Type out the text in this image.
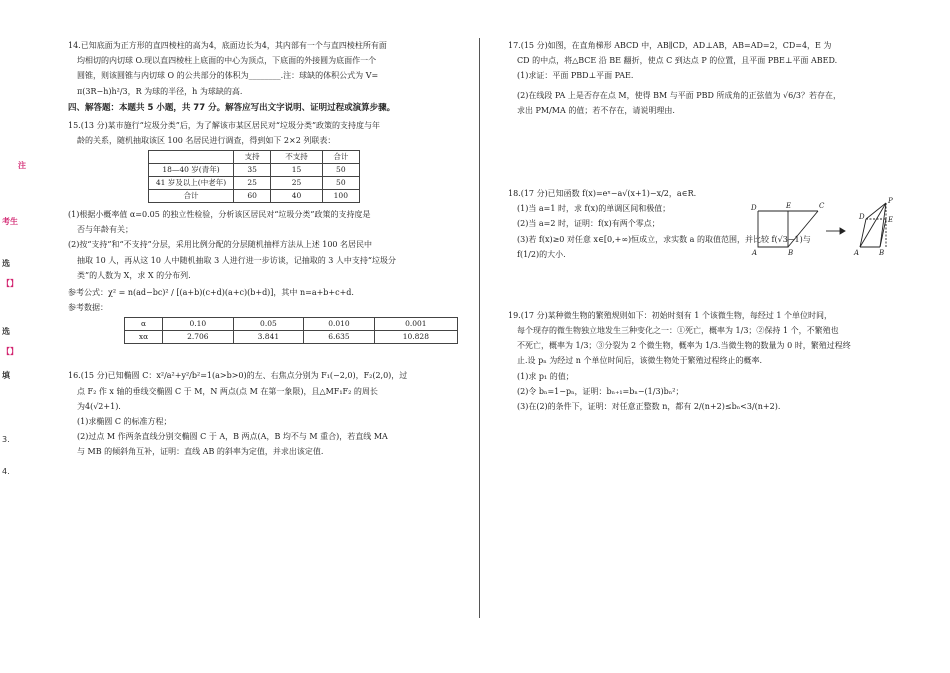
注
考生
选
【】
选
【】
填
3.
4.

14.已知底面为正方形的直四棱柱的高为4，底面边长为4，其内部有一个与直四棱柱所有面

均相切的内切球 O.现以直四棱柱上底面的中心为顶点，下底面的外接圆为底面作一个

圆锥，则该圆锥与内切球 O 的公共部分的体积为________.注：球缺的体积公式为 V=

π(3R−h)h²/3，R 为球的半径，h 为球缺的高.

四、解答题：本题共 5 小题，共 77 分。解答应写出文字说明、证明过程或演算步骤。

15.(13 分)某市施行“垃圾分类”后，为了解该市某区居民对“垃圾分类”政策的支持度与年

龄的关系，随机抽取该区 100 名居民进行调查，得到如下 2×2 列联表：

	支持	不支持	合计
18—40 岁(青年)	35	15	50
41 岁及以上(中老年)	25	25	50
合计	60	40	100

(1)根据小概率值 α=0.05 的独立性检验，分析该区居民对“垃圾分类”政策的支持度是

否与年龄有关；

(2)按“支持”和“不支持”分层，采用比例分配的分层随机抽样方法从上述 100 名居民中

抽取 10 人，再从这 10 人中随机抽取 3 人进行进一步访谈，记抽取的 3 人中支持“垃圾分

类”的人数为 X，求 X 的分布列.

参考公式：χ² = n(ad−bc)² / [(a+b)(c+d)(a+c)(b+d)]，其中 n=a+b+c+d.

参考数据：

α	0.10	0.05	0.010	0.001
xα	2.706	3.841	6.635	10.828

16.(15 分)已知椭圆 C：x²/a²+y²/b²=1(a>b>0)的左、右焦点分别为 F₁(−2,0)，F₂(2,0)，过

点 F₂ 作 x 轴的垂线交椭圆 C 于 M，N 两点(点 M 在第一象限)，且△MF₁F₂ 的周长

为4(√2+1).

(1)求椭圆 C 的标准方程；

(2)过点 M 作两条直线分别交椭圆 C 于 A，B 两点(A，B 均不与 M 重合)，若直线 MA

与 MB 的倾斜角互补，证明：直线 AB 的斜率为定值，并求出该定值.

17.(15 分)如图，在直角梯形 ABCD 中，AB∥CD，AD⊥AB，AB=AD=2，CD=4，E 为

CD 的中点，将△BCE 沿 BE 翻折，使点 C 到达点 P 的位置，且平面 PBE⊥平面 ABED.

(1)求证：平面 PBD⊥平面 PAE.

(2)在线段 PA 上是否存在点 M，使得 BM 与平面 PBD 所成角的正弦值为 √6/3？若存在，

求出 PM/MA 的值；若不存在，请说明理由.

D	E	C
A	B
P
D	E
A	B

18.(17 分)已知函数 f(x)=eˣ−a√(x+1)−x/2，a∈R.

(1)当 a=1 时，求 f(x)的单调区间和极值；

(2)当 a=2 时，证明：f(x)有两个零点；

(3)若 f(x)≥0 对任意 x∈[0,+∞)恒成立，求实数 a 的取值范围，并比较 f(√3−1)与

f(1/2)的大小.

19.(17 分)某种微生物的繁殖规则如下：初始时刻有 1 个该微生物，每经过 1 个单位时间，

每个现存的微生物独立地发生三种变化之一：①死亡，概率为 1/3；②保持 1 个，不繁殖也

不死亡，概率为 1/3；③分裂为 2 个微生物，概率为 1/3.当微生物的数量为 0 时，繁殖过程终

止.设 pₙ 为经过 n 个单位时间后，该微生物处于繁殖过程终止的概率.

(1)求 p₁ 的值；

(2)令 bₙ=1−pₙ，证明：bₙ₊₁=bₙ−(1/3)bₙ²；

(3)在(2)的条件下，证明：对任意正整数 n，都有 2/(n+2)≤bₙ<3/(n+2).
